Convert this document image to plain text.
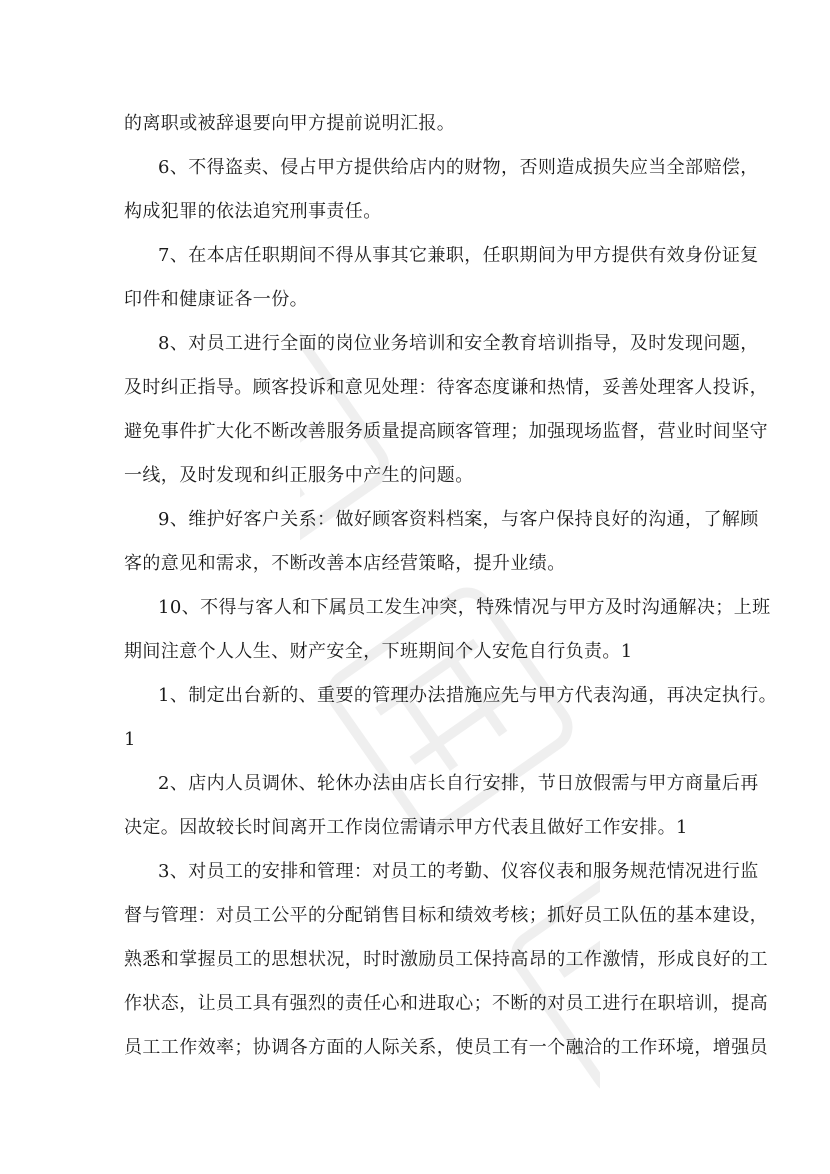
的离职或被辞退要向甲方提前说明汇报。
6、不得盗卖、侵占甲方提供给店内的财物，否则造成损失应当全部赔偿，
构成犯罪的依法追究刑事责任。
7、在本店任职期间不得从事其它兼职，任职期间为甲方提供有效身份证复
印件和健康证各一份。
8、对员工进行全面的岗位业务培训和安全教育培训指导，及时发现问题，
及时纠正指导。顾客投诉和意见处理：待客态度谦和热情，妥善处理客人投诉，
避免事件扩大化不断改善服务质量提高顾客管理；加强现场监督，营业时间坚守
一线，及时发现和纠正服务中产生的问题。
9、维护好客户关系：做好顾客资料档案，与客户保持良好的沟通，了解顾
客的意见和需求，不断改善本店经营策略，提升业绩。
10、不得与客人和下属员工发生冲突，特殊情况与甲方及时沟通解决；上班
期间注意个人人生、财产安全，下班期间个人安危自行负责。1
1、制定出台新的、重要的管理办法措施应先与甲方代表沟通，再决定执行。
1
2、店内人员调休、轮休办法由店长自行安排，节日放假需与甲方商量后再
决定。因故较长时间离开工作岗位需请示甲方代表且做好工作安排。1
3、对员工的安排和管理：对员工的考勤、仪容仪表和服务规范情况进行监
督与管理：对员工公平的分配销售目标和绩效考核；抓好员工队伍的基本建设，
熟悉和掌握员工的思想状况，时时激励员工保持高昂的工作激情，形成良好的工
作状态，让员工具有强烈的责任心和进取心；不断的对员工进行在职培训，提高
员工工作效率；协调各方面的人际关系，使员工有一个融洽的工作环境，增强员
